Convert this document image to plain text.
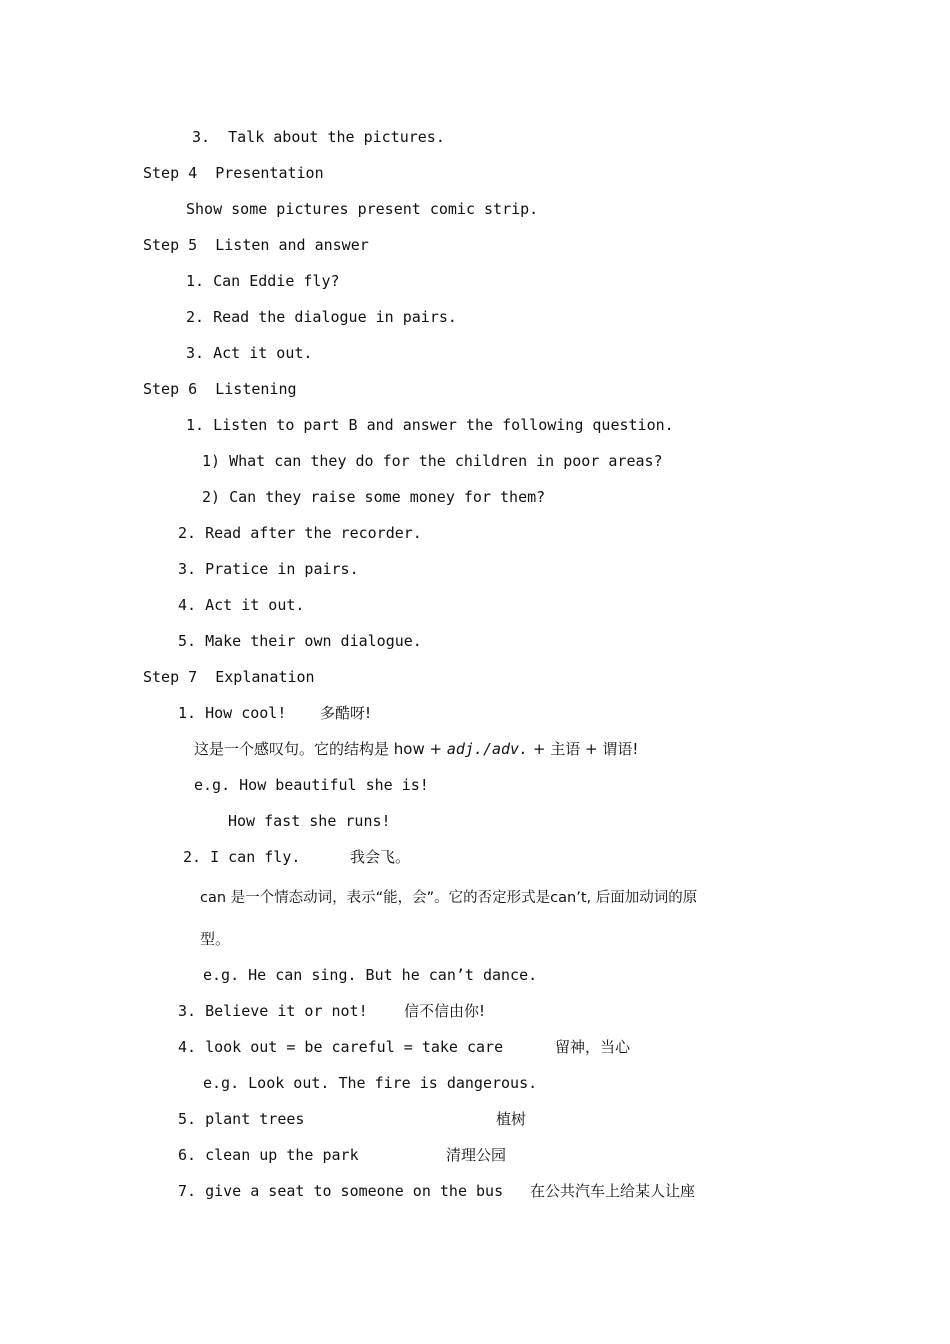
3.  Talk about the pictures.
Step 4  Presentation
Show some pictures present comic strip.
Step 5  Listen and answer
1. Can Eddie fly?
2. Read the dialogue in pairs.
3. Act it out.
Step 6  Listening
1. Listen to part B and answer the following question.
1) What can they do for the children in poor areas?
2) Can they raise some money for them?
2. Read after the recorder.
3. Pratice in pairs.
4. Act it out.
5. Make their own dialogue.
Step 7  Explanation
1. How cool! 多酷呀!
这是一个感叹句。它的结构是 how + adj./adv. + 主语 + 谓语!
e.g. How beautiful she is!
How fast she runs!
2. I can fly.	我会飞。
can 是一个情态动词，表示“能，会”。它的否定形式是can’t, 后面加动词的原
型。
e.g. He can sing. But he can’t dance.
3. Believe it or not! 信不信由你!
4. look out = be careful = take care	留神，当心
e.g. Look out. The fire is dangerous.
5. plant trees	植树
6. clean up the park	清理公园
7. give a seat to someone on the bus 在公共汽车上给某人让座
